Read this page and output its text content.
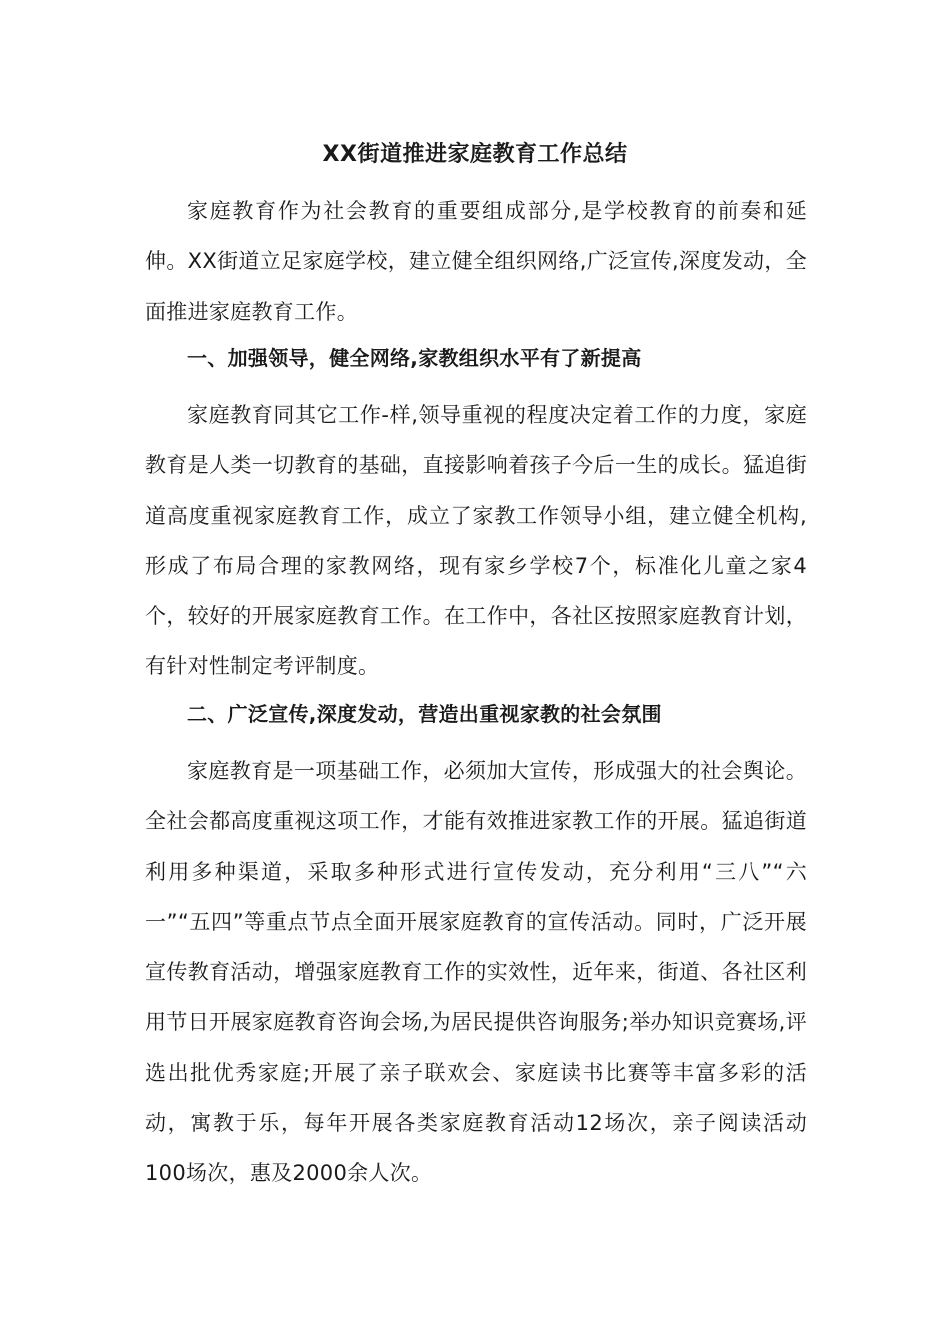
XX街道推进家庭教育工作总结
家庭教育作为社会教育的重要组成部分,是学校教育的前奏和延伸。XX街道立足家庭学校，建立健全组织网络,广泛宣传,深度发动，全面推进家庭教育工作。
一、加强领导，健全网络,家教组织水平有了新提高
家庭教育同其它工作-样,领导重视的程度决定着工作的力度，家庭教育是人类一切教育的基础，直接影响着孩子今后一生的成长。猛追街道高度重视家庭教育工作，成立了家教工作领导小组，建立健全机构,形成了布局合理的家教网络，现有家乡学校7个，标准化儿童之家4个，较好的开展家庭教育工作。在工作中，各社区按照家庭教育计划，有针对性制定考评制度。
二、广泛宣传,深度发动，营造出重视家教的社会氛围
家庭教育是一项基础工作，必须加大宣传，形成强大的社会舆论。全社会都高度重视这项工作，才能有效推进家教工作的开展。猛追街道利用多种渠道，采取多种形式进行宣传发动，充分利用“三八”“六一”“五四”等重点节点全面开展家庭教育的宣传活动。同时，广泛开展宣传教育活动，增强家庭教育工作的实效性，近年来，街道、各社区利用节日开展家庭教育咨询会场,为居民提供咨询服务;举办知识竞赛场,评选出批优秀家庭;开展了亲子联欢会、家庭读书比赛等丰富多彩的活动，寓教于乐，每年开展各类家庭教育活动12场次，亲子阅读活动100场次，惠及2000余人次。
